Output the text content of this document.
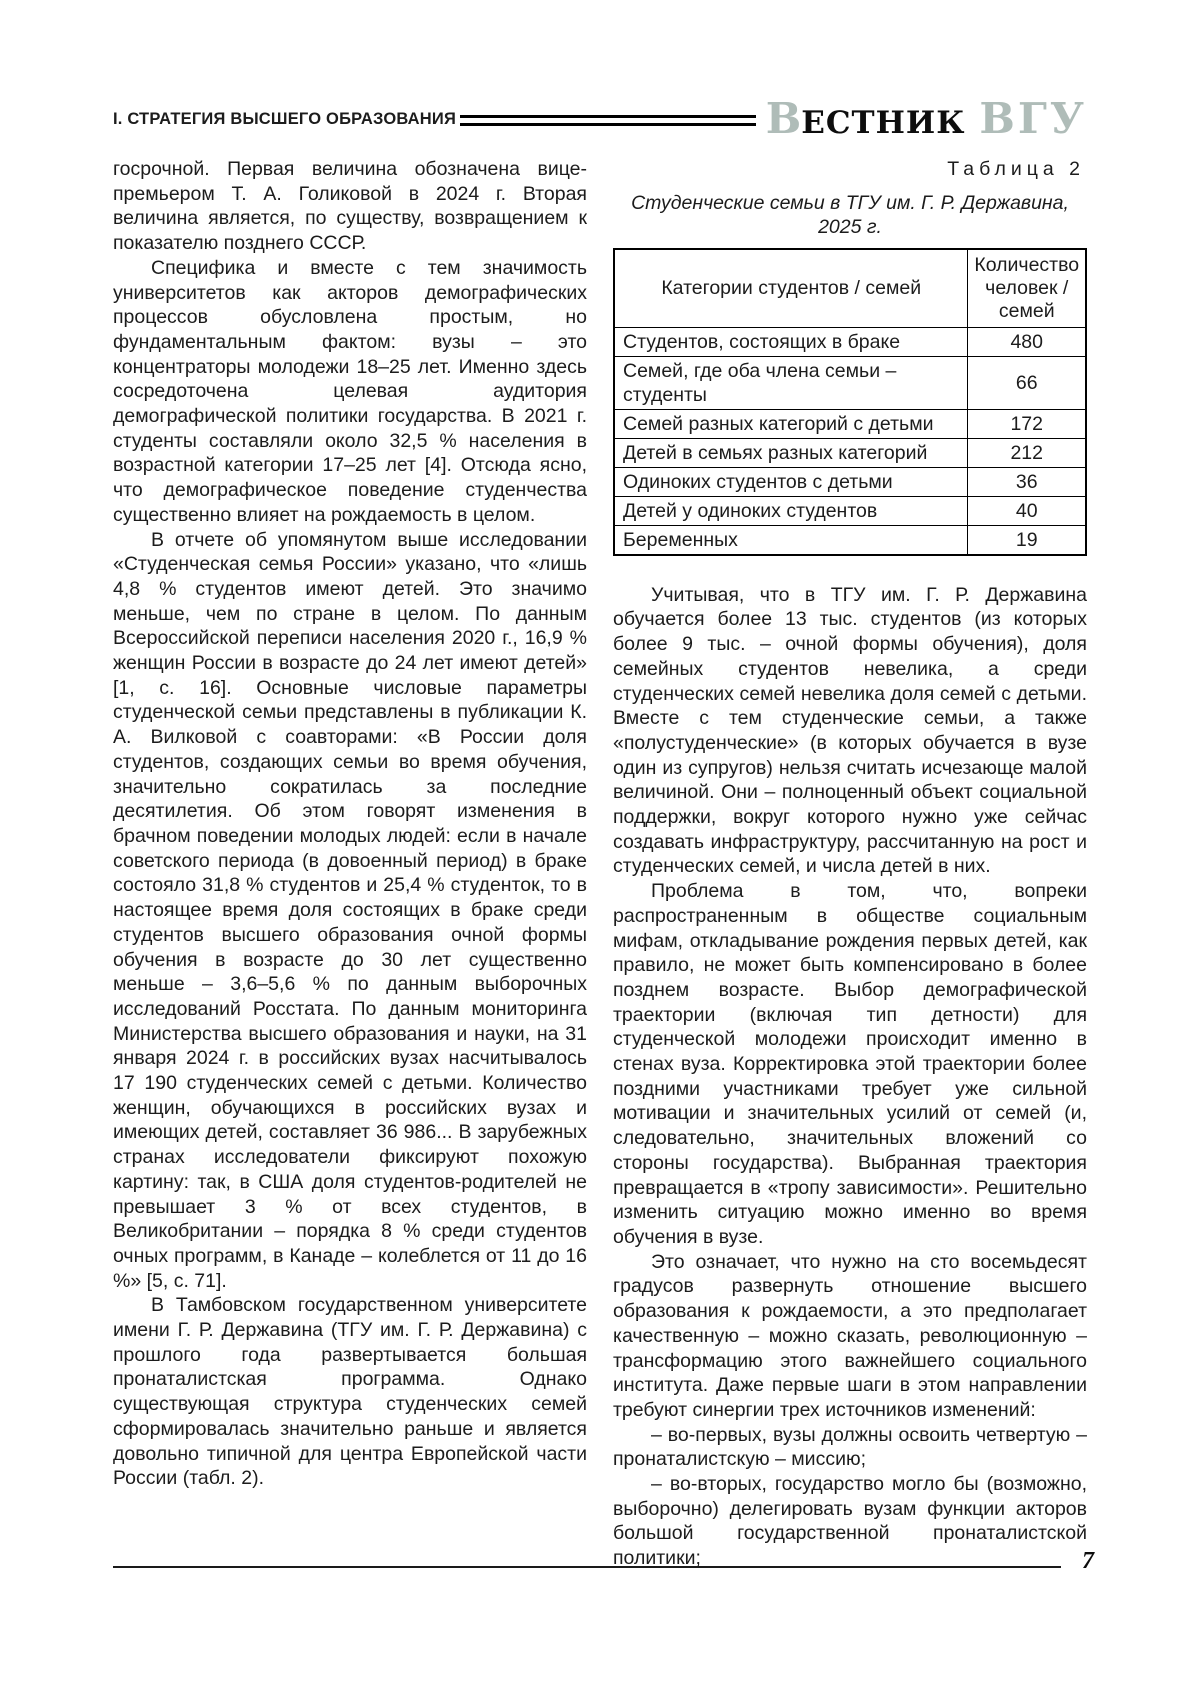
I. СТРАТЕГИЯ ВЫСШЕГО ОБРАЗОВАНИЯ	В ЕСТНИК ВГУ

госрочной. Первая величина обозначена вице-премьером Т. А. Голиковой в 2024 г. Вторая величина является, по существу, возвращением к показателю позднего СССР.

Специфика и вместе с тем значимость университетов как акторов демографических процессов обусловлена простым, но фундаментальным фактом: вузы – это концентраторы молодежи 18–25 лет. Именно здесь сосредоточена целевая аудитория демографической политики государства. В 2021 г. студенты составляли около 32,5 % населения в возрастной категории 17–25 лет [4]. Отсюда ясно, что демографическое поведение студенчества существенно влияет на рождаемость в целом.

В отчете об упомянутом выше исследовании «Студенческая семья России» указано, что «лишь 4,8 % студентов имеют детей. Это значимо меньше, чем по стране в целом. По данным Всероссийской переписи населения 2020 г., 16,9 % женщин России в возрасте до 24 лет имеют детей» [1, с. 16]. Основные числовые параметры студенческой семьи представлены в публикации К. А. Вилковой с соавторами: «В России доля студентов, создающих семьи во время обучения, значительно сократилась за последние десятилетия. Об этом говорят изменения в брачном поведении молодых людей: если в начале советского периода (в довоенный период) в браке состояло 31,8 % студентов и 25,4 % студенток, то в настоящее время доля состоящих в браке среди студентов высшего образования очной формы обучения в возрасте до 30 лет существенно меньше – 3,6–5,6 % по данным выборочных исследований Росстата. По данным мониторинга Министерства высшего образования и науки, на 31 января 2024 г. в российских вузах насчитывалось 17 190 студенческих семей с детьми. Количество женщин, обучающихся в российских вузах и имеющих детей, составляет 36 986... В зарубежных странах исследователи фиксируют похожую картину: так, в США доля студентов-родителей не превышает 3 % от всех студентов, в Великобритании – порядка 8 % среди студентов очных программ, в Канаде – колеблется от 11 до 16 %» [5, с. 71].

В Тамбовском государственном университете имени Г. Р. Державина (ТГУ им. Г. Р. Державина) с прошлого года развертывается большая пронаталистская программа. Однако существующая структура студенческих семей сформировалась значительно раньше и является довольно типичной для центра Европейской части России (табл. 2).

Таблица 2
Студенческие семьи в ТГУ им. Г. Р. Державина, 2025 г.
Категории студентов / семей	Количество человек / семей
Студентов, состоящих в браке	480
Семей, где оба члена семьи – студенты	66
Семей разных категорий с детьми	172
Детей в семьях разных категорий	212
Одиноких студентов с детьми	36
Детей у одиноких студентов	40
Беременных	19

Учитывая, что в ТГУ им. Г. Р. Державина обучается более 13 тыс. студентов (из которых более 9 тыс. – очной формы обучения), доля семейных студентов невелика, а среди студенческих семей невелика доля семей с детьми. Вместе с тем студенческие семьи, а также «полустуденческие» (в которых обучается в вузе один из супругов) нельзя считать исчезающе малой величиной. Они – полноценный объект социальной поддержки, вокруг которого нужно уже сейчас создавать инфраструктуру, рассчитанную на рост и студенческих семей, и числа детей в них.

Проблема в том, что, вопреки распространенным в обществе социальным мифам, откладывание рождения первых детей, как правило, не может быть компенсировано в более позднем возрасте. Выбор демографической траектории (включая тип детности) для студенческой молодежи происходит именно в стенах вуза. Корректировка этой траектории более поздними участниками требует уже сильной мотивации и значительных усилий от семей (и, следовательно, значительных вложений со стороны государства). Выбранная траектория превращается в «тропу зависимости». Решительно изменить ситуацию можно именно во время обучения в вузе.

Это означает, что нужно на сто восемьдесят градусов развернуть отношение высшего образования к рождаемости, а это предполагает качественную – можно сказать, революционную – трансформацию этого важнейшего социального института. Даже первые шаги в этом направлении требуют синергии трех источников изменений:

– во-первых, вузы должны освоить четвертую – пронаталистскую – миссию;

– во-вторых, государство могло бы (возможно, выборочно) делегировать вузам функции акторов большой государственной пронаталистской политики;	7
